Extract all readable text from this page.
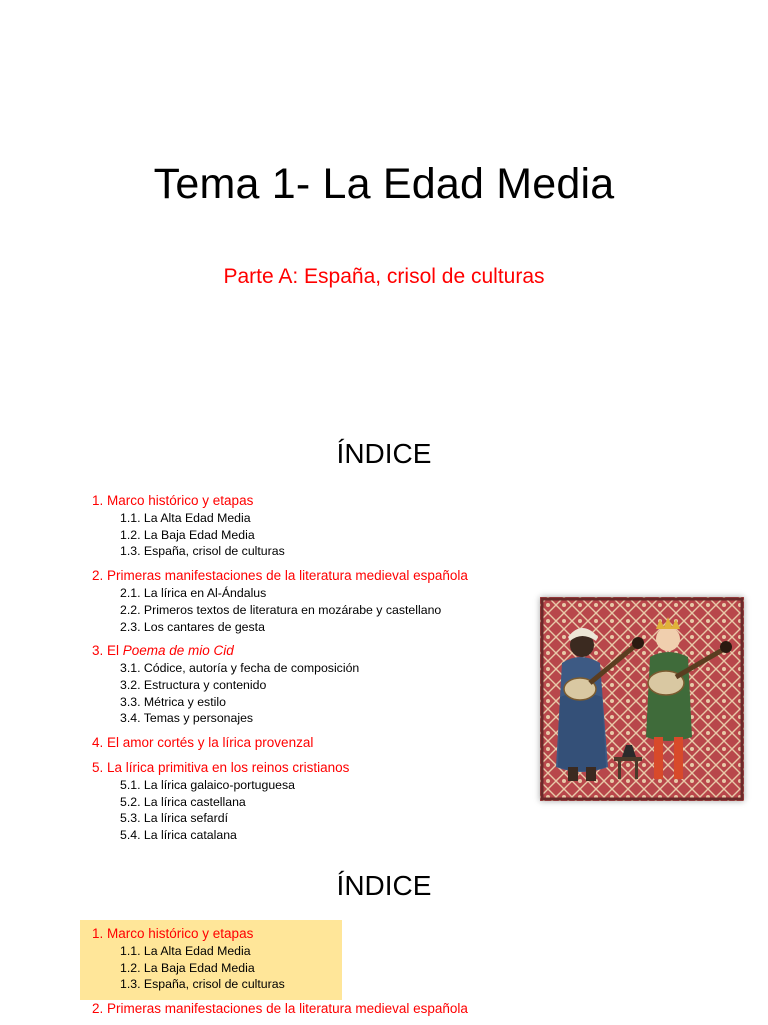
Tema 1- La Edad Media
Parte A: España, crisol de culturas
ÍNDICE
1. Marco histórico y etapas
1.1. La Alta Edad Media
1.2. La Baja Edad Media
1.3. España, crisol de culturas
2. Primeras manifestaciones de la literatura medieval española
2.1. La lírica en Al-Ándalus
2.2. Primeros textos de literatura en mozárabe y castellano
2.3. Los cantares de gesta
3. El Poema de mio Cid
3.1. Códice, autoría y fecha de composición
3.2. Estructura y contenido
3.3. Métrica y estilo
3.4. Temas y personajes
4. El amor cortés y la lírica provenzal
5. La lírica primitiva en los reinos cristianos
5.1. La lírica galaico-portuguesa
5.2. La lírica castellana
5.3. La lírica sefardí
5.4. La lírica catalana
ÍNDICE
1. Marco histórico y etapas
1.1. La Alta Edad Media
1.2. La Baja Edad Media
1.3. España, crisol de culturas
2. Primeras manifestaciones de la literatura medieval española
